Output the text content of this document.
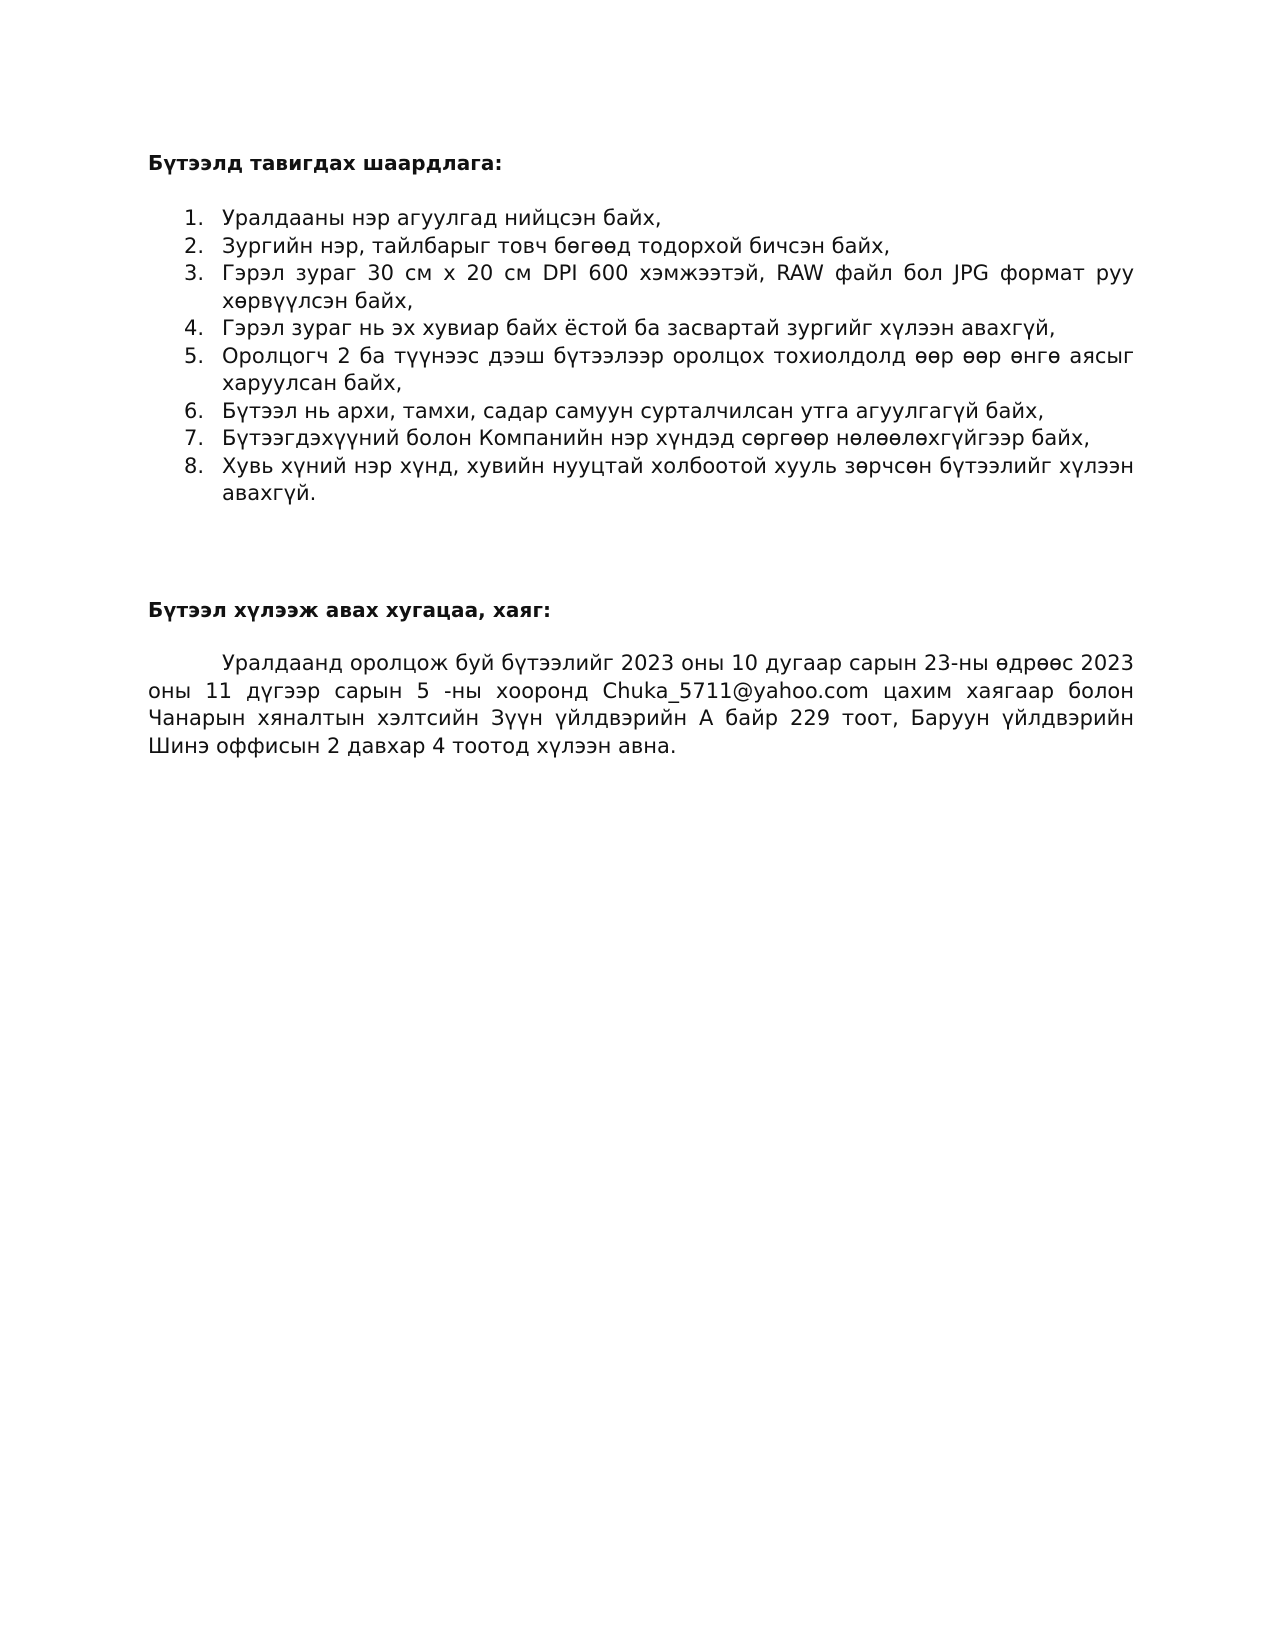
Бүтээлд тавигдах шаардлага:
1. Уралдааны нэр агуулгад нийцсэн байх,
2. Зургийн нэр, тайлбарыг товч бөгөөд тодорхой бичсэн байх,
3. Гэрэл зураг 30 см х 20 см DPI 600 хэмжээтэй, RAW файл бол JPG формат руу хөрвүүлсэн байх,
4. Гэрэл зураг нь эх хувиар байх ёстой ба засвартай зургийг хүлээн авахгүй,
5. Оролцогч 2 ба түүнээс дээш бүтээлээр оролцох тохиолдолд өөр өөр өнгө аясыг харуулсан байх,
6. Бүтээл нь архи, тамхи, садар самуун сурталчилсан утга агуулгагүй байх,
7. Бүтээгдэхүүний болон Компанийн нэр хүндэд сөргөөр нөлөөлөхгүйгээр байх,
8. Хувь хүний нэр хүнд, хувийн нууцтай холбоотой хууль зөрчсөн бүтээлийг хүлээн авахгүй.
Бүтээл хүлээж авах хугацаа, хаяг:

Уралдаанд оролцож буй бүтээлийг 2023 оны 10 дугаар сарын 23-ны өдрөөс 2023 оны 11 дүгээр сарын 5 -ны хооронд Chuka_5711@yahoo.com цахим хаягаар болон Чанарын хяналтын хэлтсийн Зүүн үйлдвэрийн А байр 229 тоот, Баруун үйлдвэрийн Шинэ оффисын 2 давхар 4 тоотод хүлээн авна.
